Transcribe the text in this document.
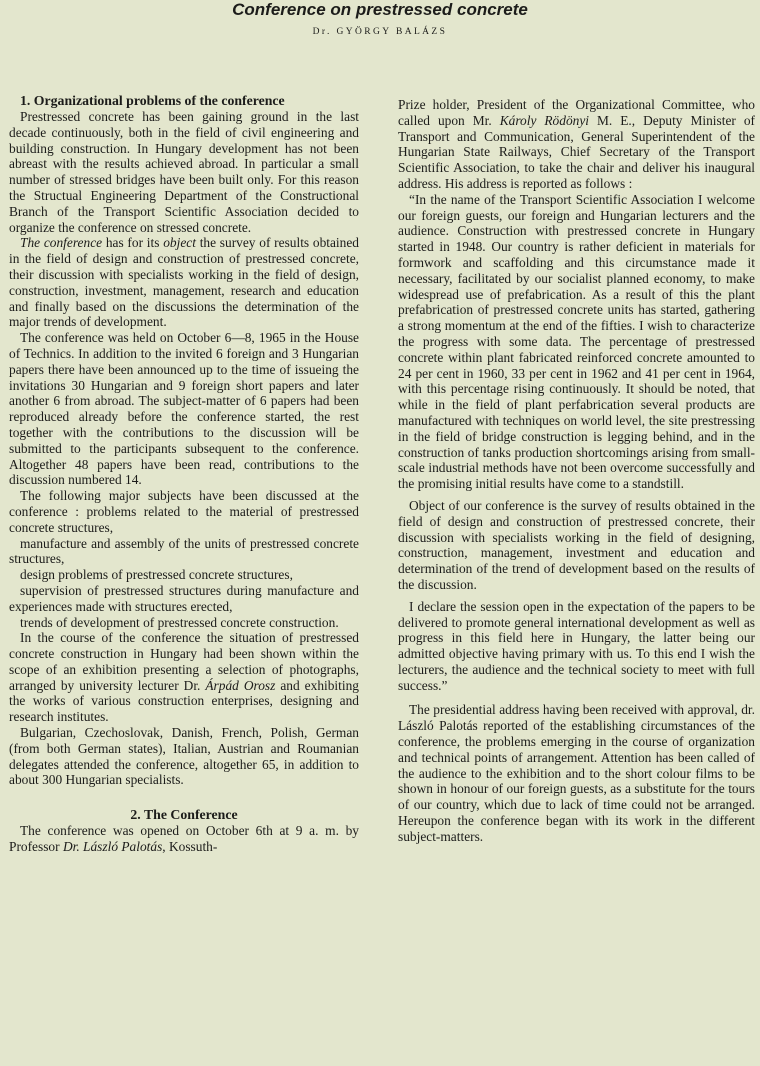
Conference on prestressed concrete
Dr. GYÖRGY BALÁZS
1. Organizational problems of the conference

Prestressed concrete has been gaining ground in the last decade continuously, both in the field of civil engineering and building construction. In Hungary development has not been abreast with the results achieved abroad. In particular a small number of stressed bridges have been built only. For this reason the Structual Engineering Department of the Constructional Branch of the Transport Scientific Association decided to organize the conference on stressed concrete.

The conference has for its object the survey of results obtained in the field of design and construction of prestressed concrete, their discussion with specialists working in the field of design, construction, investment, management, research and education and finally based on the discussions the determination of the major trends of development.

The conference was held on October 6—8, 1965 in the House of Technics. In addition to the invited 6 foreign and 3 Hungarian papers there have been announced up to the time of issueing the invitations 30 Hungarian and 9 foreign short papers and later another 6 from abroad. The subject-matter of 6 papers had been reproduced already before the conference started, the rest together with the contributions to the discussion will be submitted to the participants subsequent to the conference. Altogether 48 papers have been read, contributions to the discussion numbered 14.

The following major subjects have been discussed at the conference : problems related to the material of prestressed concrete structures,

manufacture and assembly of the units of prestressed concrete structures,

design problems of prestressed concrete structures,

supervision of prestressed structures during manufacture and experiences made with structures erected,

trends of development of prestressed concrete construction.

In the course of the conference the situation of prestressed concrete construction in Hungary had been shown within the scope of an exhibition presenting a selection of photographs, arranged by university lecturer Dr. Árpád Orosz and exhibiting the works of various construction enterprises, designing and research institutes.

Bulgarian, Czechoslovak, Danish, French, Polish, German (from both German states), Italian, Austrian and Roumanian delegates attended the conference, altogether 65, in addition to about 300 Hungarian specialists.

2. The Conference

The conference was opened on October 6th at 9 a. m. by Professor Dr. László Palotás, Kossuth-

Prize holder, President of the Organizational Committee, who called upon Mr. Károly Rödönyi M. E., Deputy Minister of Transport and Communication, General Superintendent of the Hungarian State Railways, Chief Secretary of the Transport Scientific Association, to take the chair and deliver his inaugural address. His address is reported as follows :

“In the name of the Transport Scientific Association I welcome our foreign guests, our foreign and Hungarian lecturers and the audience. Construction with prestressed concrete in Hungary started in 1948. Our country is rather deficient in materials for formwork and scaffolding and this circumstance made it necessary, facilitated by our socialist planned economy, to make widespread use of prefabrication. As a result of this the plant prefabrication of prestressed concrete units has started, gathering a strong momentum at the end of the fifties. I wish to characterize the progress with some data. The percentage of prestressed concrete within plant fabricated reinforced concrete amounted to 24 per cent in 1960, 33 per cent in 1962 and 41 per cent in 1964, with this percentage rising continuously. It should be noted, that while in the field of plant perfabrication several products are manufactured with techniques on world level, the site prestressing in the field of bridge construction is legging behind, and in the construction of tanks production shortcomings arising from small-scale industrial methods have not been overcome successfully and the promising initial results have come to a standstill.

Object of our conference is the survey of results obtained in the field of design and construction of prestressed concrete, their discussion with specialists working in the field of designing, construction, management, investment and education and determination of the trend of development based on the results of the discussion.

I declare the session open in the expectation of the papers to be delivered to promote general international development as well as progress in this field here in Hungary, the latter being our admitted objective having primary with us. To this end I wish the lecturers, the audience and the technical society to meet with full success.”

The presidential address having been received with approval, dr. László Palotás reported of the establishing circumstances of the conference, the problems emerging in the course of organization and technical points of arrangement. Attention has been called of the audience to the exhibition and to the short colour films to be shown in honour of our foreign guests, as a substitute for the tours of our country, which due to lack of time could not be arranged. Hereupon the conference began with its work in the different subject-matters.
